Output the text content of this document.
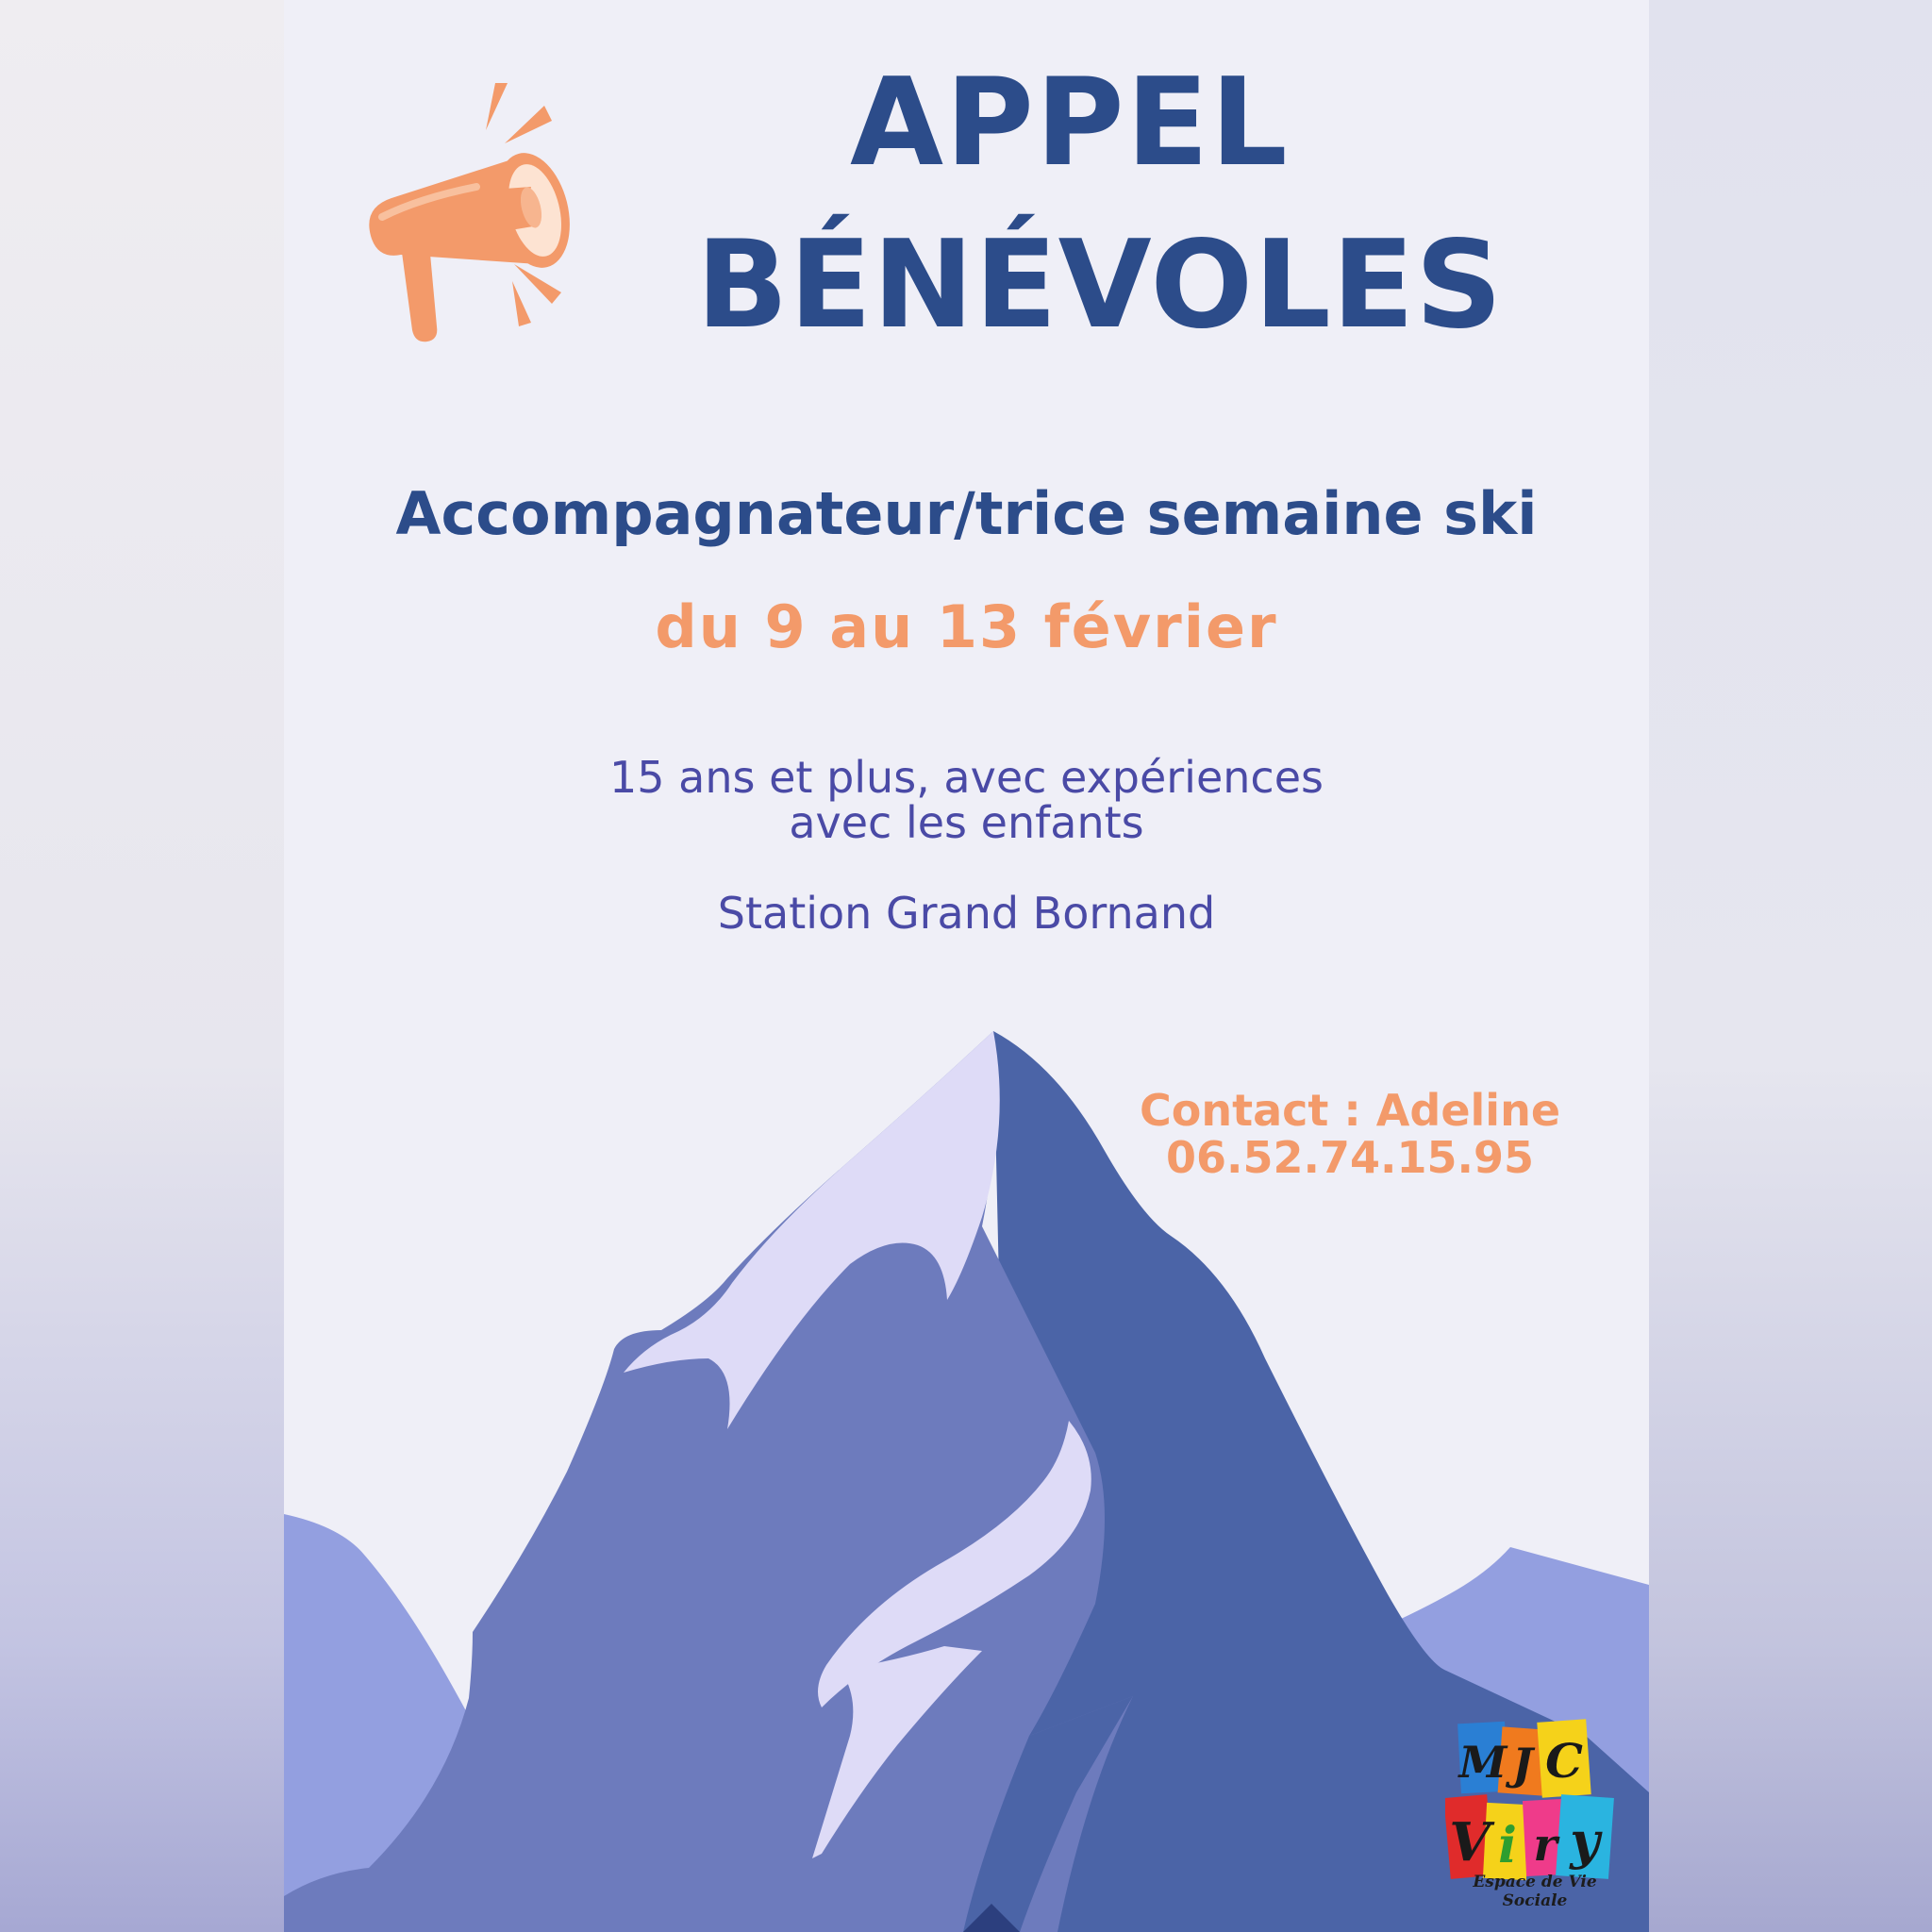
APPEL
BÉNÉVOLES

Accompagnateur/trice semaine ski

du 9 au 13 février

15 ans et plus, avec expériences
avec les enfants

Station Grand Bornand

Contact : Adeline
06.52.74.15.95

M J C
V i r y
Espace de Vie Sociale
